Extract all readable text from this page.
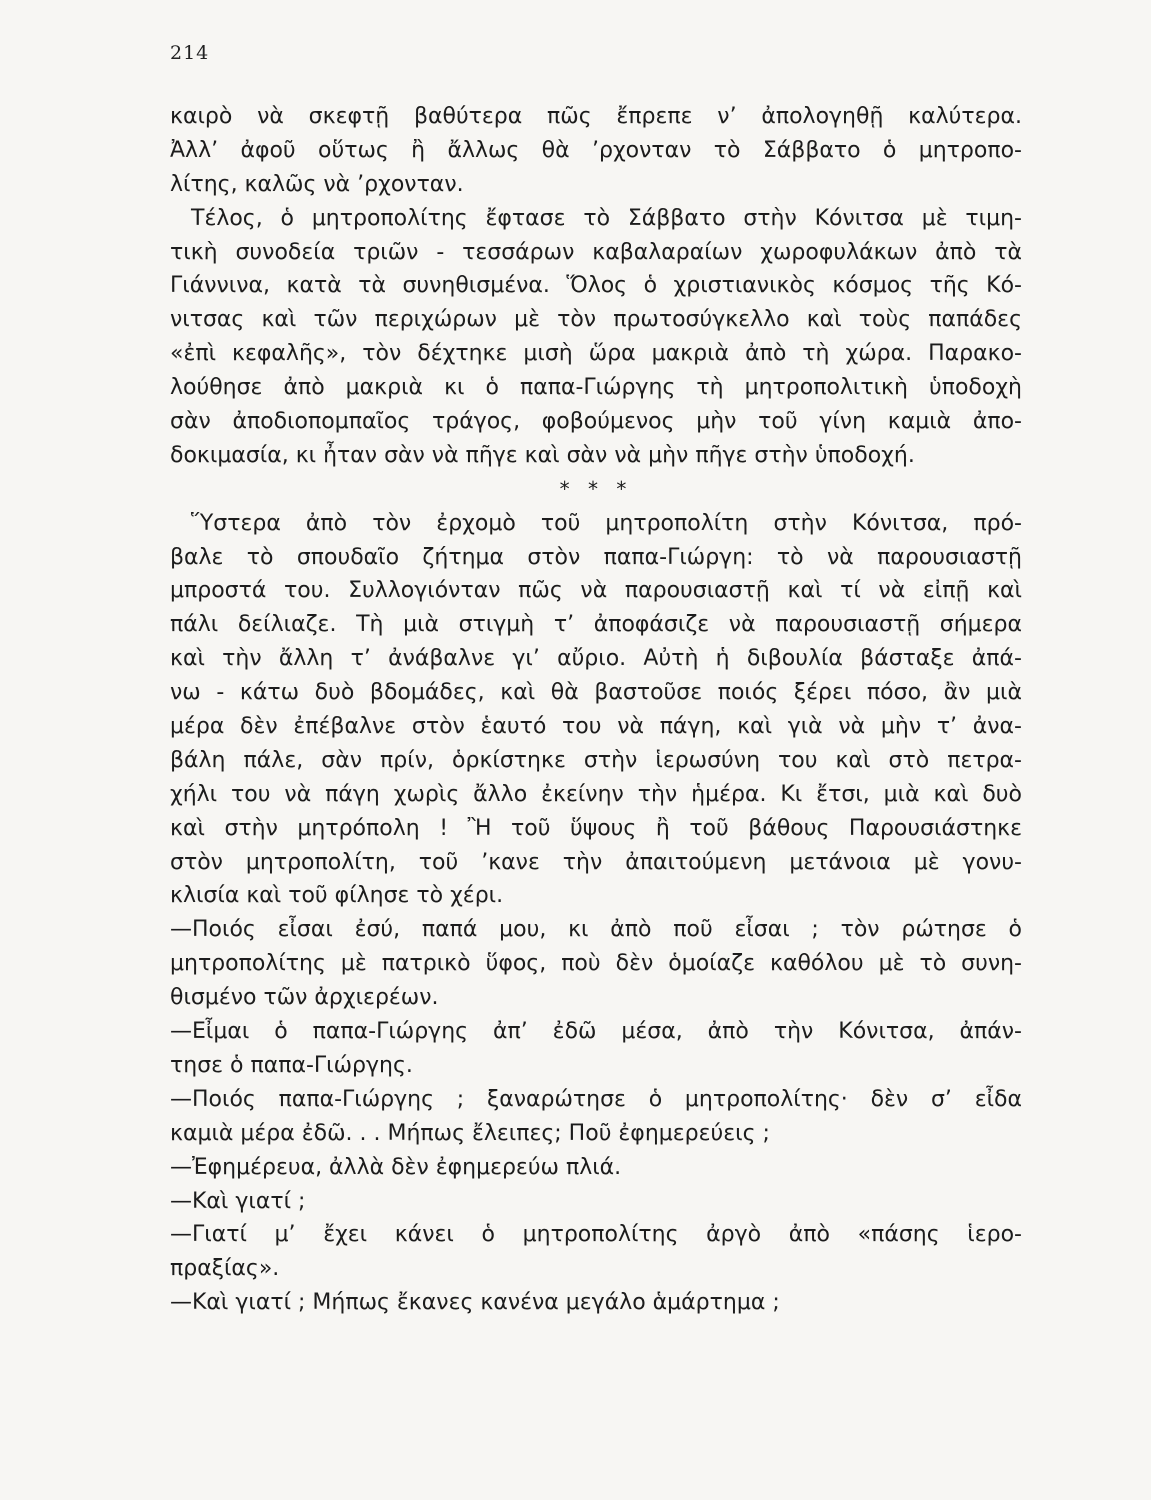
214
καιρὸ νὰ σκεφτῇ βαθύτερα πῶς ἔπρεπε ν’ ἀπολογηθῇ καλύτερα.
Ἀλλ’ ἀφοῦ οὕτως ἢ ἄλλως θὰ ’ρχονταν τὸ Σάββατο ὁ μητροπο-
λίτης, καλῶς νὰ ’ρχονταν.
Τέλος, ὁ μητροπολίτης ἔφτασε τὸ Σάββατο στὴν Κόνιτσα μὲ τιμη-
τικὴ συνοδεία τριῶν - τεσσάρων καβαλαραίων χωροφυλάκων ἀπὸ τὰ
Γιάννινα, κατὰ τὰ συνηθισμένα. Ὅλος ὁ χριστιανικὸς κόσμος τῆς Κό-
νιτσας καὶ τῶν περιχώρων μὲ τὸν πρωτοσύγκελλο καὶ τοὺς παπάδες
«ἐπὶ κεφαλῆς», τὸν δέχτηκε μισὴ ὥρα μακριὰ ἀπὸ τὴ χώρα. Παρακο-
λούθησε ἀπὸ μακριὰ κι ὁ παπα-Γιώργης τὴ μητροπολιτικὴ ὑποδοχὴ
σὰν ἀποδιοπομπαῖος τράγος, φοβούμενος μὴν τοῦ γίνη καμιὰ ἀπο-
δοκιμασία, κι ἦταν σὰν νὰ πῆγε καὶ σὰν νὰ μὴν πῆγε στὴν ὑποδοχή.
* * *
Ὕστερα ἀπὸ τὸν ἐρχομὸ τοῦ μητροπολίτη στὴν Κόνιτσα, πρό-
βαλε τὸ σπουδαῖο ζήτημα στὸν παπα-Γιώργη: τὸ νὰ παρουσιαστῇ
μπροστά του. Συλλογιόνταν πῶς νὰ παρουσιαστῇ καὶ τί νὰ εἰπῇ καὶ
πάλι δείλιαζε. Τὴ μιὰ στιγμὴ τ’ ἀποφάσιζε νὰ παρουσιαστῇ σήμερα
καὶ τὴν ἄλλη τ’ ἀνάβαλνε γι’ αὔριο. Αὐτὴ ἡ διβουλία βάσταξε ἀπά-
νω - κάτω δυὸ βδομάδες, καὶ θὰ βαστοῦσε ποιός ξέρει πόσο, ἂν μιὰ
μέρα δὲν ἐπέβαλνε στὸν ἑαυτό του νὰ πάγη, καὶ γιὰ νὰ μὴν τ’ ἀνα-
βάλη πάλε, σὰν πρίν, ὁρκίστηκε στὴν ἱερωσύνη του καὶ στὸ πετρα-
χήλι του νὰ πάγη χωρὶς ἄλλο ἐκείνην τὴν ἡμέρα. Κι ἔτσι, μιὰ καὶ δυὸ
καὶ στὴν μητρόπολη ! Ἢ τοῦ ὕψους ἢ τοῦ βάθους Παρουσιάστηκε
στὸν μητροπολίτη, τοῦ ’κανε τὴν ἀπαιτούμενη μετάνοια μὲ γονυ-
κλισία καὶ τοῦ φίλησε τὸ χέρι.
—Ποιός εἶσαι ἐσύ, παπά μου, κι ἀπὸ ποῦ εἶσαι ; τὸν ρώτησε ὁ
μητροπολίτης μὲ πατρικὸ ὕφος, ποὺ δὲν ὁμοίαζε καθόλου μὲ τὸ συνη-
θισμένο τῶν ἀρχιερέων.
—Εἶμαι ὁ παπα-Γιώργης ἀπ’ ἐδῶ μέσα, ἀπὸ τὴν Κόνιτσα, ἀπάν-
τησε ὁ παπα-Γιώργης.
—Ποιός παπα-Γιώργης ; ξαναρώτησε ὁ μητροπολίτης· δὲν σ’ εἶδα
καμιὰ μέρα ἐδῶ. . . Μήπως ἔλειπες; Ποῦ ἐφημερεύεις ;
—Ἐφημέρευα, ἀλλὰ δὲν ἐφημερεύω πλιά.
—Καὶ γιατί ;
—Γιατί μ’ ἔχει κάνει ὁ μητροπολίτης ἀργὸ ἀπὸ «πάσης ἱερο-
πραξίας».
—Καὶ γιατί ; Μήπως ἔκανες κανένα μεγάλο ἁμάρτημα ;
